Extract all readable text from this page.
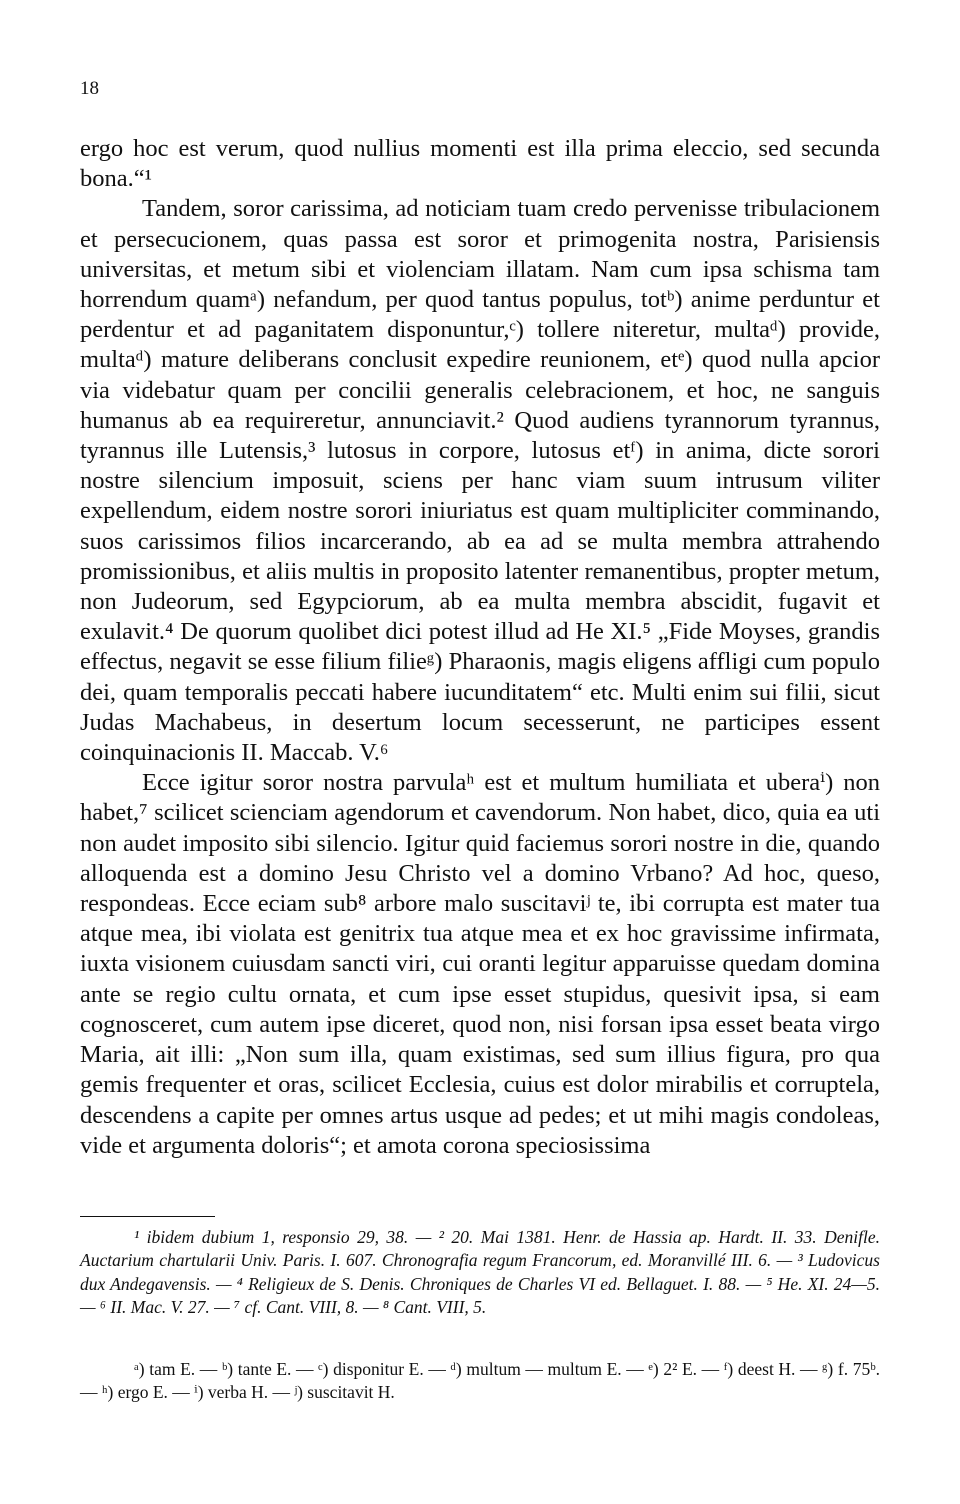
18

ergo hoc est verum, quod nullius momenti est illa prima eleccio, sed secunda bona.“¹

Tandem, soror carissima, ad noticiam tuam credo pervenisse tribulacionem et persecucionem, quas passa est soror et primogenita nostra, Parisiensis universitas, et metum sibi et violenciam illatam. Nam cum ipsa schisma tam horrendum quamᵃ) nefandum, per quod tantus populus, totᵇ) anime perduntur et perdentur et ad paganitatem disponuntur,ᶜ) tollere niteretur, multaᵈ) provide, multaᵈ) mature deliberans conclusit expedire reunionem, etᵉ) quod nulla apcior via videbatur quam per concilii generalis celebracionem, et hoc, ne sanguis humanus ab ea requireretur, annunciavit.² Quod audiens tyrannorum tyrannus, tyrannus ille Lutensis,³ lutosus in corpore, lutosus etᶠ) in anima, dicte sorori nostre silencium imposuit, sciens per hanc viam suum intrusum viliter expellendum, eidem nostre sorori iniuriatus est quam multipliciter comminando, suos carissimos filios incarcerando, ab ea ad se multa membra attrahendo promissionibus, et aliis multis in proposito latenter remanentibus, propter metum, non Judeorum, sed Egypciorum, ab ea multa membra abscidit, fugavit et exulavit.⁴ De quorum quolibet dici potest illud ad He XI.⁵ „Fide Moyses, grandis effectus, negavit se esse filium filieᵍ) Pharaonis, magis eligens affligi cum populo dei, quam temporalis peccati habere iucunditatem“ etc. Multi enim sui filii, sicut Judas Machabeus, in desertum locum secesserunt, ne participes essent coinquinacionis II. Maccab. V.⁶

Ecce igitur soror nostra parvulaʰ est et multum humiliata et uberaⁱ) non habet,⁷ scilicet scienciam agendorum et cavendorum. Non habet, dico, quia ea uti non audet imposito sibi silencio. Igitur quid faciemus sorori nostre in die, quando alloquenda est a domino Jesu Christo vel a domino Vrbano? Ad hoc, queso, respondeas. Ecce eciam sub⁸ arbore malo suscitaviʲ te, ibi corrupta est mater tua atque mea, ibi violata est genitrix tua atque mea et ex hoc gravissime infirmata, iuxta visionem cuiusdam sancti viri, cui oranti legitur apparuisse quedam domina ante se regio cultu ornata, et cum ipse esset stupidus, quesivit ipsa, si eam cognosceret, cum autem ipse diceret, quod non, nisi forsan ipsa esset beata virgo Maria, ait illi: „Non sum illa, quam existimas, sed sum illius figura, pro qua gemis frequenter et oras, scilicet Ecclesia, cuius est dolor mirabilis et corruptela, descendens a capite per omnes artus usque ad pedes; et ut mihi magis condoleas, vide et argumenta doloris“; et amota corona speciosissima

¹ ibidem dubium 1, responsio 29, 38. — ² 20. Mai 1381. Henr. de Hassia ap. Hardt. II. 33. Denifle. Auctarium chartularii Univ. Paris. I. 607. Chronografia regum Francorum, ed. Moranvillé III. 6. — ³ Ludovicus dux Andegavensis. — ⁴ Religieux de S. Denis. Chroniques de Charles VI ed. Bellaguet. I. 88. — ⁵ He. XI. 24—5. — ⁶ II. Mac. V. 27. — ⁷ cf. Cant. VIII, 8. — ⁸ Cant. VIII, 5.

ᵃ) tam E. — ᵇ) tante E. — ᶜ) disponitur E. — ᵈ) multum — multum E. — ᵉ) 2² E. — ᶠ) deest H. — ᵍ) f. 75ᵇ. — ʰ) ergo E. — ⁱ) verba H. — ʲ) suscitavit H.
